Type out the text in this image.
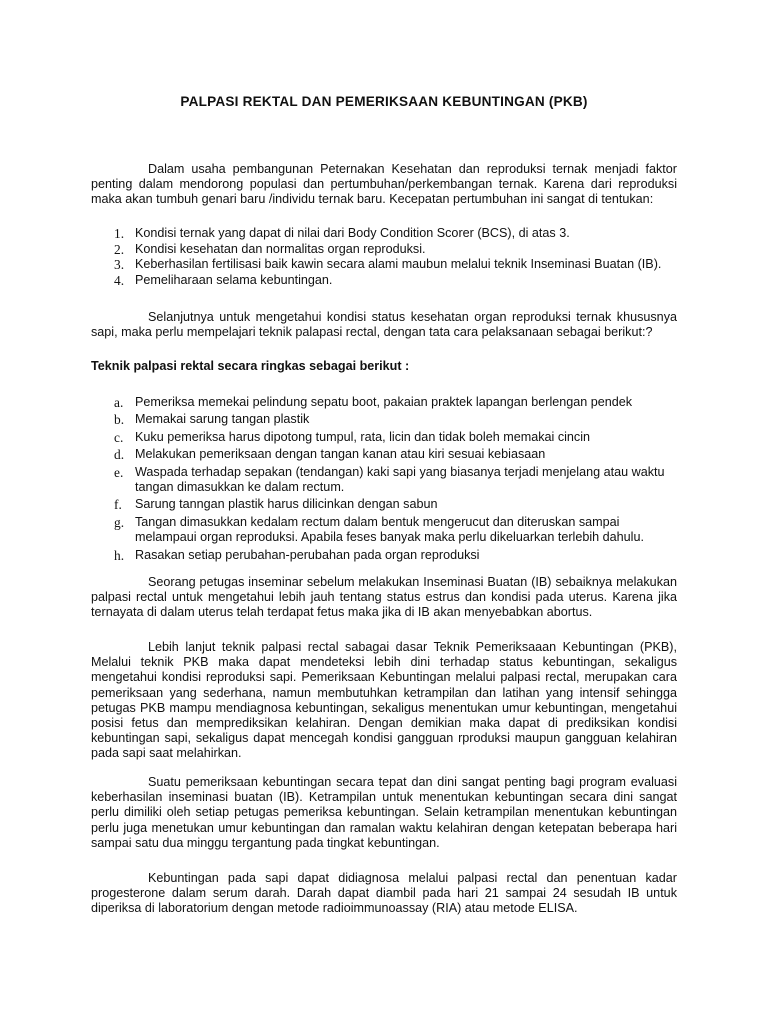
PALPASI REKTAL DAN PEMERIKSAAN KEBUNTINGAN (PKB)

Dalam usaha pembangunan Peternakan Kesehatan dan reproduksi ternak menjadi faktor penting dalam mendorong populasi dan pertumbuhan/perkembangan ternak. Karena dari reproduksi maka akan tumbuh genari baru /individu ternak baru. Kecepatan pertumbuhan ini sangat di tentukan:

1. Kondisi ternak yang dapat di nilai dari Body Condition Scorer (BCS), di atas 3.
2. Kondisi kesehatan dan normalitas organ reproduksi.
3. Keberhasilan fertilisasi baik kawin secara alami maubun melalui teknik Inseminasi Buatan (IB).
4. Pemeliharaan selama kebuntingan.

Selanjutnya untuk mengetahui kondisi status kesehatan organ reproduksi ternak khususnya sapi, maka perlu mempelajari teknik palapasi rectal, dengan tata cara pelaksanaan sebagai berikut:?

Teknik palpasi rektal secara ringkas sebagai berikut :

a. Pemeriksa memekai pelindung sepatu boot, pakaian praktek lapangan berlengan pendek
b. Memakai sarung tangan plastik
c. Kuku pemeriksa harus dipotong tumpul, rata, licin dan tidak boleh memakai cincin
d. Melakukan pemeriksaan dengan tangan kanan atau kiri sesuai kebiasaan
e. Waspada terhadap sepakan (tendangan) kaki sapi yang biasanya terjadi menjelang atau waktu tangan dimasukkan ke dalam rectum.
f.	Sarung tanngan plastik harus dilicinkan dengan sabun
g. Tangan dimasukkan kedalam rectum dalam bentuk mengerucut dan diteruskan sampai melampaui organ reproduksi. Apabila feses banyak maka perlu dikeluarkan terlebih dahulu.
h. Rasakan setiap perubahan-perubahan pada organ reproduksi

Seorang petugas inseminar sebelum melakukan Inseminasi Buatan (IB) sebaiknya melakukan palpasi rectal untuk mengetahui lebih jauh tentang status estrus dan kondisi pada uterus. Karena jika ternayata di dalam uterus telah terdapat fetus maka jika di IB akan menyebabkan abortus.

Lebih lanjut teknik palpasi rectal sabagai dasar Teknik Pemeriksaaan Kebuntingan (PKB), Melalui teknik PKB maka dapat mendeteksi lebih dini terhadap status kebuntingan, sekaligus mengetahui kondisi reproduksi sapi. Pemeriksaan Kebuntingan melalui palpasi rectal, merupakan cara pemeriksaan yang sederhana, namun membutuhkan ketrampilan dan latihan yang intensif sehingga petugas PKB mampu mendiagnosa kebuntingan, sekaligus menentukan umur kebuntingan, mengetahui posisi fetus dan memprediksikan kelahiran. Dengan demikian maka dapat di prediksikan kondisi kebuntingan sapi, sekaligus dapat mencegah kondisi gangguan rproduksi maupun gangguan kelahiran pada sapi saat melahirkan.

Suatu pemeriksaan kebuntingan secara tepat dan dini sangat penting bagi program evaluasi keberhasilan inseminasi buatan (IB). Ketrampilan untuk menentukan kebuntingan secara dini sangat perlu dimiliki oleh setiap petugas pemeriksa kebuntingan. Selain ketrampilan menentukan kebuntingan perlu juga menetukan umur kebuntingan dan ramalan waktu kelahiran dengan ketepatan beberapa hari sampai satu dua minggu tergantung pada tingkat kebuntingan.

Kebuntingan pada sapi dapat didiagnosa melalui palpasi rectal dan penentuan kadar progesterone dalam serum darah. Darah dapat diambil pada hari 21 sampai 24 sesudah IB untuk diperiksa di laboratorium dengan metode radioimmunoassay (RIA) atau metode ELISA.
